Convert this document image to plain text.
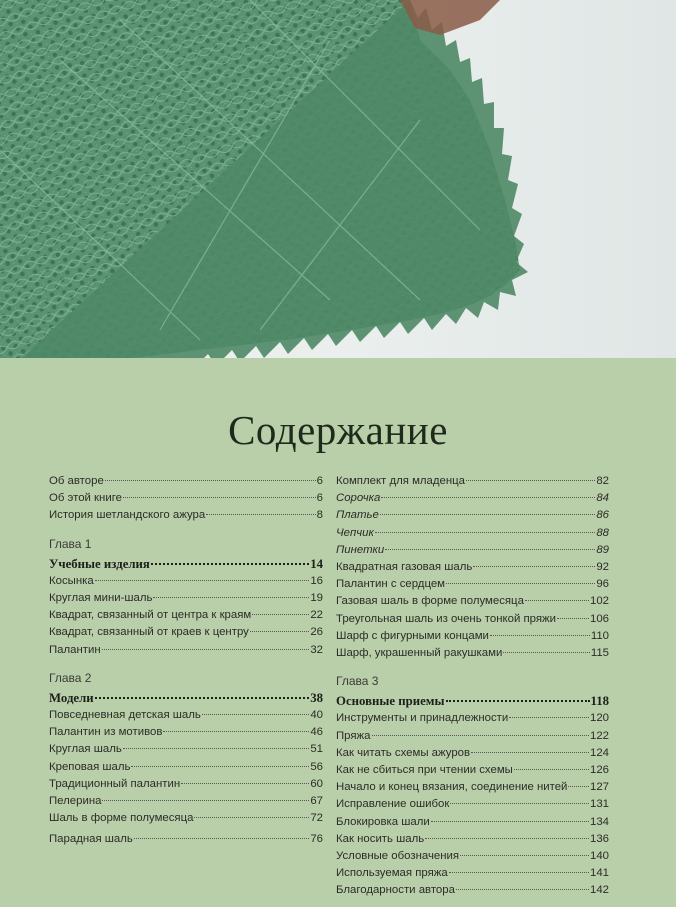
Содержание
Об авторе	6
Об этой книге	6
История шетландского ажура	8
Глава 1
Учебные изделия	14
Косынка	16
Круглая мини-шаль	19
Квадрат, связанный от центра к краям	22
Квадрат, связанный от краев к центру	26
Палантин	32
Глава 2
Модели	38
Повседневная детская шаль	40
Палантин из мотивов	46
Круглая шаль	51
Креповая шаль	56
Традиционный палантин	60
Пелерина	67
Шаль в форме полумесяца	72
Парадная шаль	76
Комплект для младенца	82
Сорочка	84
Платье	86
Чепчик	88
Пинетки	89
Квадратная газовая шаль	92
Палантин с сердцем	96
Газовая шаль в форме полумесяца	102
Треугольная шаль из очень тонкой пряжи	106
Шарф с фигурными концами	110
Шарф, украшенный ракушками	115
Глава 3
Основные приемы	118
Инструменты и принадлежности	120
Пряжа	122
Как читать схемы ажуров	124
Как не сбиться при чтении схемы	126
Начало и конец вязания, соединение нитей 127
Исправление ошибок	131
Блокировка шали	134
Как носить шаль	136
Условные обозначения	140
Используемая пряжа	141
Благодарности автора	142
